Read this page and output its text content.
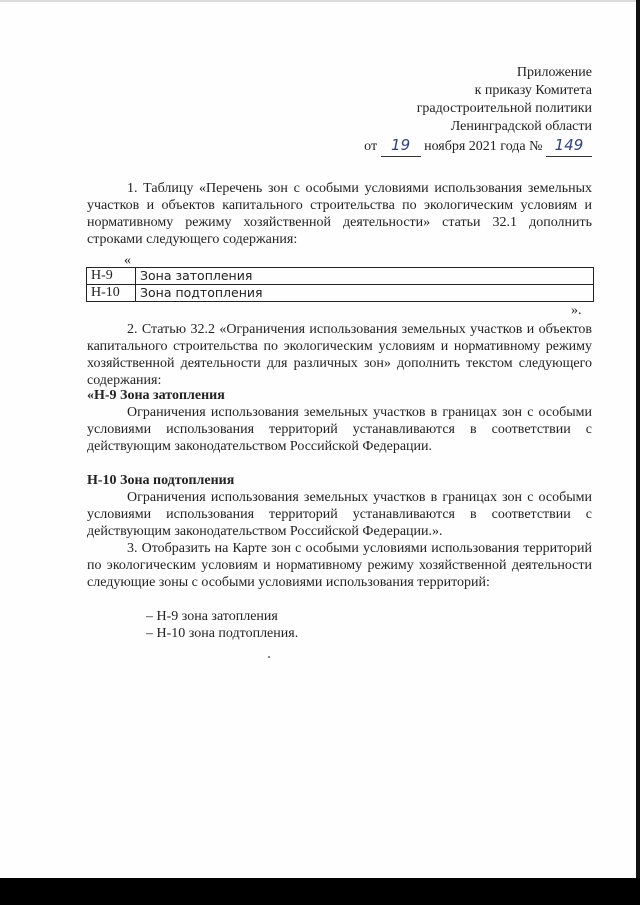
Приложение
к приказу Комитета
градостроительной политики
Ленинградской области
от 19 ноября 2021 года № 149

1. Таблицу «Перечень зон с особыми условиями использования земельных участков и объектов капитального строительства по экологическим условиям и нормативному режиму хозяйственной деятельности» статьи 32.1 дополнить строками следующего содержания:

«
Н-9	Зона затопления
Н-10	Зона подтопления
».

2. Статью 32.2 «Ограничения использования земельных участков и объектов капитального строительства по экологическим условиям и нормативному режиму хозяйственной деятельности для различных зон» дополнить текстом следующего содержания:

«Н-9 Зона затопления

Ограничения использования земельных участков в границах зон с особыми условиями использования территорий устанавливаются в соответствии с действующим законодательством Российской Федерации.

Н-10 Зона подтопления

Ограничения использования земельных участков в границах зон с особыми условиями использования территорий устанавливаются в соответствии с действующим законодательством Российской Федерации.».

3. Отобразить на Карте зон с особыми условиями использования территорий по экологическим условиям и нормативному режиму хозяйственной деятельности следующие зоны с особыми условиями использования территорий:

– Н-9 зона затопления
– Н-10 зона подтопления.
